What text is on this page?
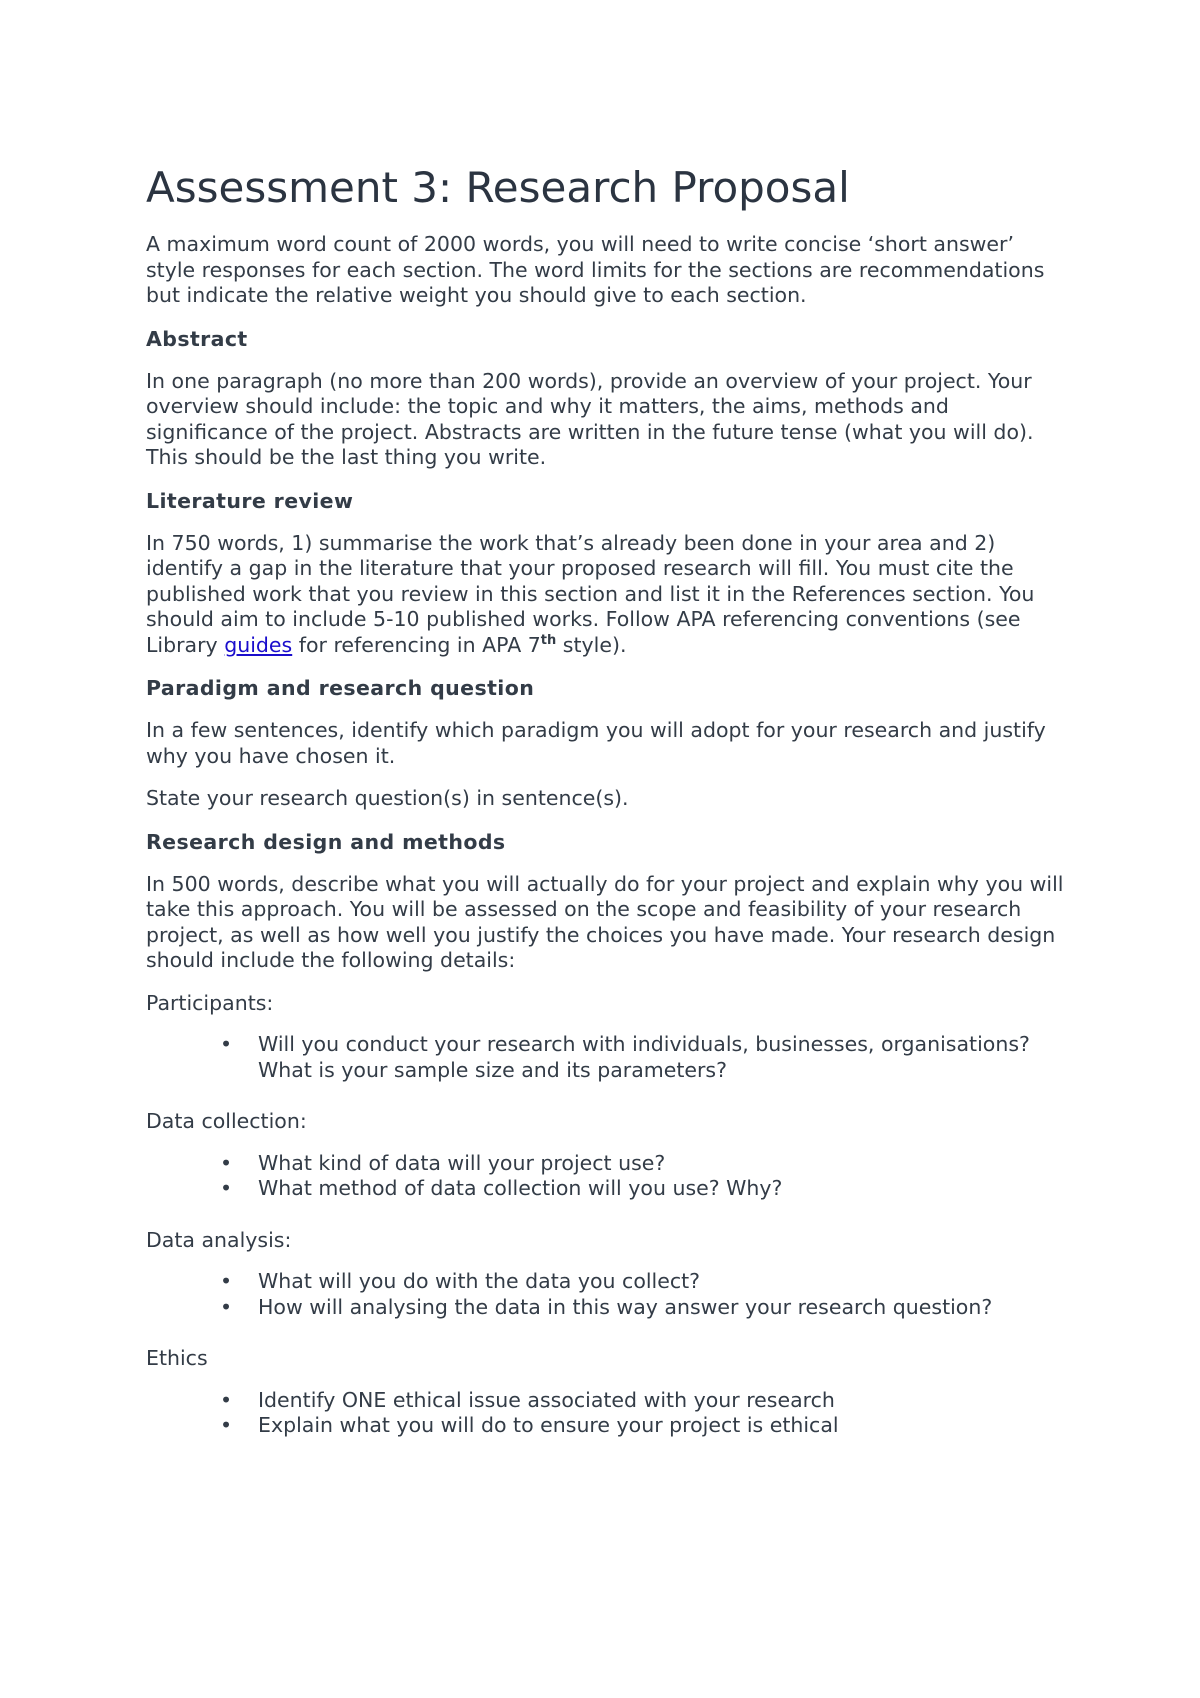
Assessment 3: Research Proposal

A maximum word count of 2000 words, you will need to write concise ‘short answer’ style responses for each section. The word limits for the sections are recommendations but indicate the relative weight you should give to each section.

Abstract

In one paragraph (no more than 200 words), provide an overview of your project. Your overview should include: the topic and why it matters, the aims, methods and significance of the project. Abstracts are written in the future tense (what you will do). This should be the last thing you write.

Literature review

In 750 words, 1) summarise the work that’s already been done in your area and 2) identify a gap in the literature that your proposed research will fill. You must cite the published work that you review in this section and list it in the References section. You should aim to include 5-10 published works. Follow APA referencing conventions (see Library guides for referencing in APA 7th style).

Paradigm and research question

In a few sentences, identify which paradigm you will adopt for your research and justify why you have chosen it.

State your research question(s) in sentence(s).

Research design and methods

In 500 words, describe what you will actually do for your project and explain why you will take this approach. You will be assessed on the scope and feasibility of your research project, as well as how well you justify the choices you have made. Your research design should include the following details:

Participants:

• Will you conduct your research with individuals, businesses, organisations? What is your sample size and its parameters?

Data collection:

• What kind of data will your project use?
• What method of data collection will you use? Why?

Data analysis:

• What will you do with the data you collect?
• How will analysing the data in this way answer your research question?

Ethics

• Identify ONE ethical issue associated with your research
• Explain what you will do to ensure your project is ethical
